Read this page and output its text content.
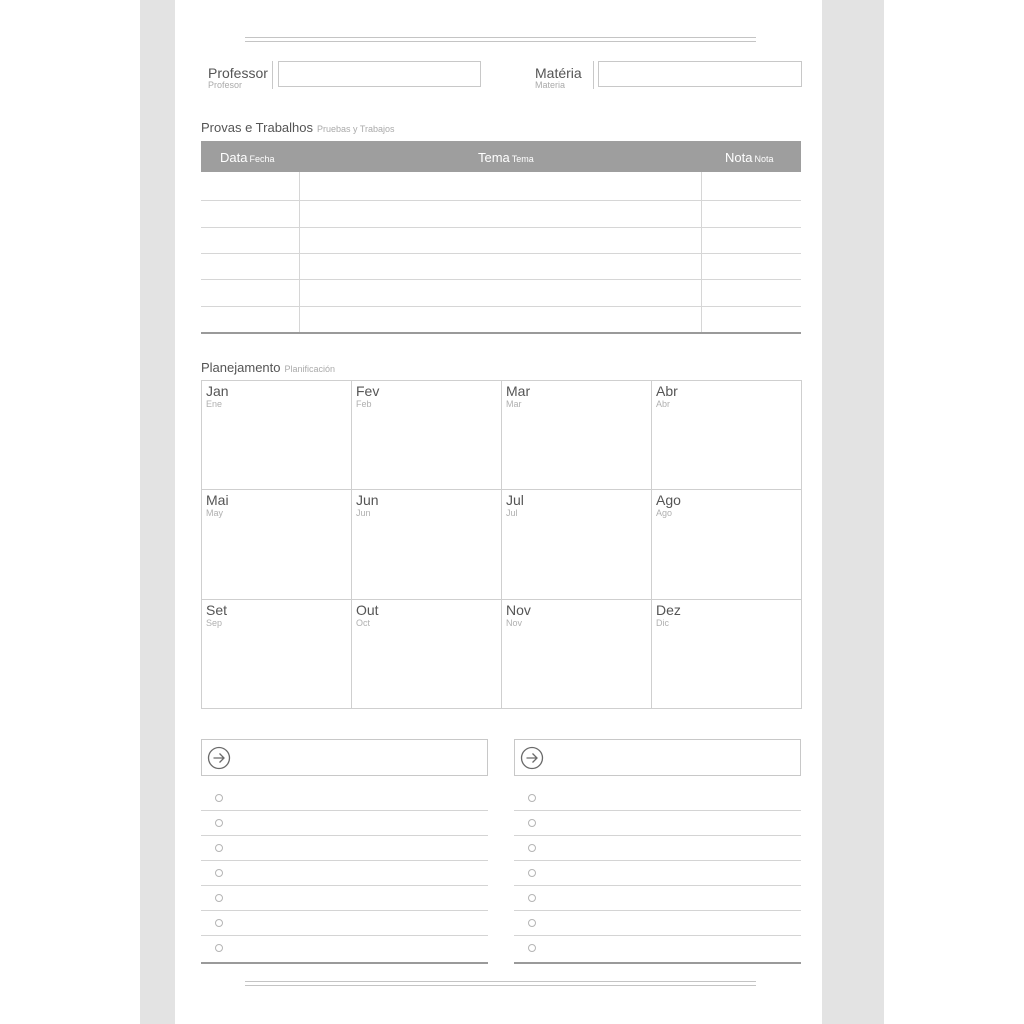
Professor
Profesor
Matéria
Materia
Provas e Trabalhos Pruebas y Trabajos
Data Fecha	Tema Tema	Nota Nota
Planejamento Planificación
Jan
Ene
Fev
Feb
Mar
Mar
Abr
Abr
Mai
May
Jun
Jun
Jul
Jul
Ago
Ago
Set
Sep
Out
Oct
Nov
Nov
Dez
Dic
